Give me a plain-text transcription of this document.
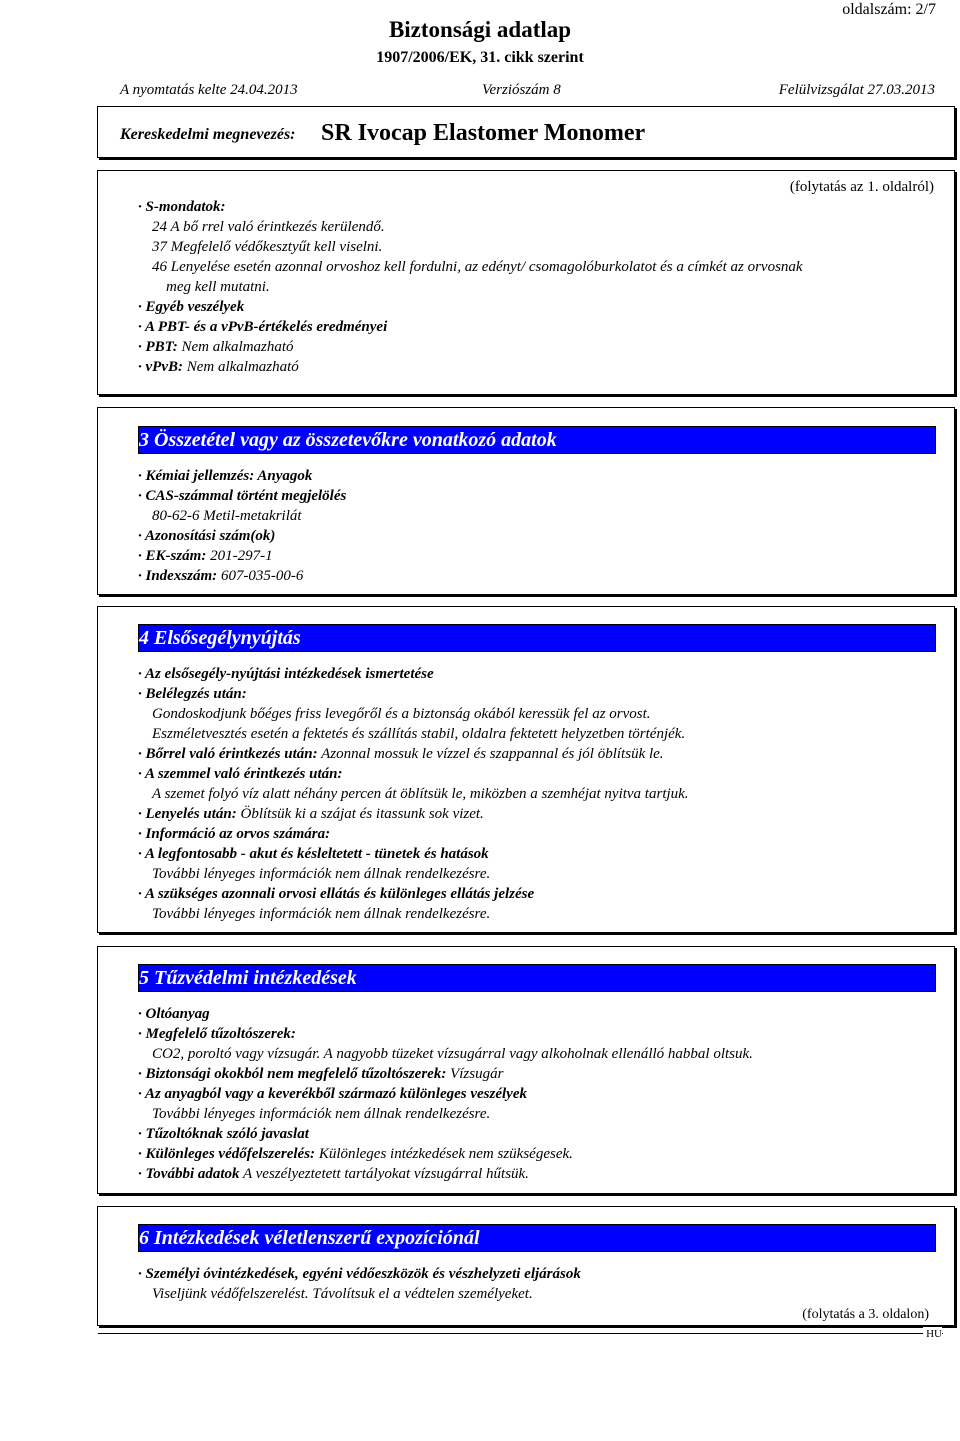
oldalszám: 2/7
Biztonsági adatlap
1907/2006/EK, 31. cikk szerint
A nyomtatás kelte 24.04.2013	Verziószám 8	Felülvizsgálat 27.03.2013
Kereskedelmi megnevezés: SR Ivocap Elastomer Monomer
(folytatás az 1. oldalról)
· S-mondatok:
24 A bő rrel való érintkezés kerülendő.
37 Megfelelő védőkesztyűt kell viselni.
46 Lenyelése esetén azonnal orvoshoz kell fordulni, az edényt/ csomagolóburkolatot és a címkét az orvosnak
meg kell mutatni.
· Egyéb veszélyek
· A PBT- és a vPvB-értékelés eredményei
· PBT: Nem alkalmazható
· vPvB: Nem alkalmazható
3 Összetétel vagy az összetevőkre vonatkozó adatok
· Kémiai jellemzés: Anyagok
· CAS-számmal történt megjelölés
80-62-6 Metil-metakrilát
· Azonosítási szám(ok)
· EK-szám: 201-297-1
· Indexszám: 607-035-00-6
4 Elsősegélynyújtás
· Az elsősegély-nyújtási intézkedések ismertetése
· Belélegzés után:
Gondoskodjunk bőéges friss levegőről és a biztonság okából keressük fel az orvost.
Eszméletvesztés esetén a fektetés és szállítás stabil, oldalra fektetett helyzetben történjék.
· Bőrrel való érintkezés után: Azonnal mossuk le vízzel és szappannal és jól öblítsük le.
· A szemmel való érintkezés után:
A szemet folyó víz alatt néhány percen át öblítsük le, miközben a szemhéjat nyitva tartjuk.
· Lenyelés után: Öblítsük ki a szájat és itassunk sok vizet.
· Információ az orvos számára:
· A legfontosabb - akut és késleltetett - tünetek és hatások
További lényeges információk nem állnak rendelkezésre.
· A szükséges azonnali orvosi ellátás és különleges ellátás jelzése
További lényeges információk nem állnak rendelkezésre.
5 Tűzvédelmi intézkedések
· Oltóanyag
· Megfelelő tűzoltószerek:
CO2, poroltó vagy vízsugár. A nagyobb tüzeket vízsugárral vagy alkoholnak ellenálló habbal oltsuk.
· Biztonsági okokból nem megfelelő tűzoltószerek: Vízsugár
· Az anyagból vagy a keverékből származó különleges veszélyek
További lényeges információk nem állnak rendelkezésre.
· Tűzoltóknak szóló javaslat
· Különleges védőfelszerelés: Különleges intézkedések nem szükségesek.
· További adatok A veszélyeztetett tartályokat vízsugárral hűtsük.
6 Intézkedések véletlenszerű expozíciónál
· Személyi óvintézkedések, egyéni védőeszközök és vészhelyzeti eljárások
Viseljünk védőfelszerelést. Távolítsuk el a védtelen személyeket.
(folytatás a 3. oldalon)
HU
